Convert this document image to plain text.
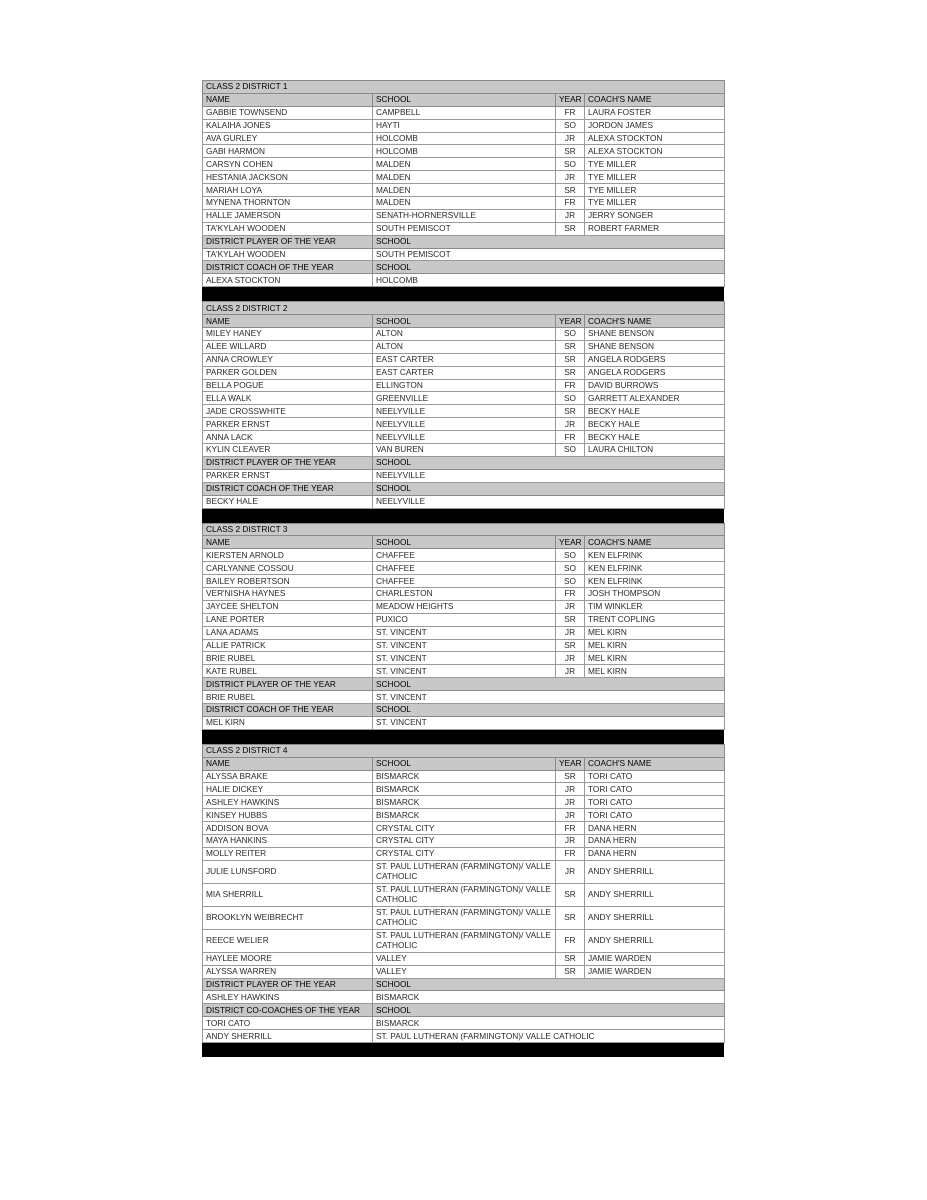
CLASS 2 DISTRICT 1			
NAME	SCHOOL	YEAR	COACH'S NAME
GABBIE TOWNSEND	CAMPBELL	FR	LAURA FOSTER
KALAIHA JONES	HAYTI	SO	JORDON JAMES
AVA GURLEY	HOLCOMB	JR	ALEXA STOCKTON
GABI HARMON	HOLCOMB	SR	ALEXA STOCKTON
CARSYN COHEN	MALDEN	SO	TYE MILLER
HESTANIA JACKSON	MALDEN	JR	TYE MILLER
MARIAH LOYA	MALDEN	SR	TYE MILLER
MYNENA THORNTON	MALDEN	FR	TYE MILLER
HALLE JAMERSON	SENATH-HORNERSVILLE	JR	JERRY SONGER
TA'KYLAH WOODEN	SOUTH PEMISCOT	SR	ROBERT FARMER
DISTRICT PLAYER OF THE YEAR	SCHOOL		
TA'KYLAH WOODEN	SOUTH PEMISCOT		
DISTRICT COACH OF THE YEAR	SCHOOL		
ALEXA STOCKTON	HOLCOMB		
CLASS 2 DISTRICT 2			
NAME	SCHOOL	YEAR	COACH'S NAME
MILEY HANEY	ALTON	SO	SHANE BENSON
ALEE WILLARD	ALTON	SR	SHANE BENSON
ANNA CROWLEY	EAST CARTER	SR	ANGELA RODGERS
PARKER GOLDEN	EAST CARTER	SR	ANGELA RODGERS
BELLA POGUE	ELLINGTON	FR	DAVID BURROWS
ELLA WALK	GREENVILLE	SO	GARRETT ALEXANDER
JADE CROSSWHITE	NEELYVILLE	SR	BECKY HALE
PARKER ERNST	NEELYVILLE	JR	BECKY HALE
ANNA LACK	NEELYVILLE	FR	BECKY HALE
KYLIN CLEAVER	VAN BUREN	SO	LAURA CHILTON
DISTRICT PLAYER OF THE YEAR	SCHOOL		
PARKER ERNST	NEELYVILLE		
DISTRICT COACH OF THE YEAR	SCHOOL		
BECKY HALE	NEELYVILLE		
CLASS 2 DISTRICT 3			
NAME	SCHOOL	YEAR	COACH'S NAME
KIERSTEN ARNOLD	CHAFFEE	SO	KEN ELFRINK
CARLYANNE COSSOU	CHAFFEE	SO	KEN ELFRINK
BAILEY ROBERTSON	CHAFFEE	SO	KEN ELFRINK
VER'NISHA HAYNES	CHARLESTON	FR	JOSH THOMPSON
JAYCEE SHELTON	MEADOW HEIGHTS	JR	TIM WINKLER
LANE PORTER	PUXICO	SR	TRENT COPLING
LANA ADAMS	ST. VINCENT	JR	MEL KIRN
ALLIE PATRICK	ST. VINCENT	SR	MEL KIRN
BRIE RUBEL	ST. VINCENT	JR	MEL KIRN
KATE RUBEL	ST. VINCENT	JR	MEL KIRN
DISTRICT PLAYER OF THE YEAR	SCHOOL		
BRIE RUBEL	ST. VINCENT		
DISTRICT COACH OF THE YEAR	SCHOOL		
MEL KIRN	ST. VINCENT		
CLASS 2 DISTRICT 4			
NAME	SCHOOL	YEAR	COACH'S NAME
ALYSSA BRAKE	BISMARCK	SR	TORI CATO
HALIE DICKEY	BISMARCK	JR	TORI CATO
ASHLEY HAWKINS	BISMARCK	JR	TORI CATO
KINSEY HUBBS	BISMARCK	JR	TORI CATO
ADDISON BOVA	CRYSTAL CITY	FR	DANA HERN
MAYA HANKINS	CRYSTAL CITY	JR	DANA HERN
MOLLY REITER	CRYSTAL CITY	FR	DANA HERN
JULIE LUNSFORD	ST. PAUL LUTHERAN (FARMINGTON)/ VALLE CATHOLIC	JR	ANDY SHERRILL
MIA SHERRILL	ST. PAUL LUTHERAN (FARMINGTON)/ VALLE CATHOLIC	SR	ANDY SHERRILL
BROOKLYN WEIBRECHT	ST. PAUL LUTHERAN (FARMINGTON)/ VALLE CATHOLIC	SR	ANDY SHERRILL
REECE WELIER	ST. PAUL LUTHERAN (FARMINGTON)/ VALLE CATHOLIC	FR	ANDY SHERRILL
HAYLEE MOORE	VALLEY	SR	JAMIE WARDEN
ALYSSA WARREN	VALLEY	SR	JAMIE WARDEN
DISTRICT PLAYER OF THE YEAR	SCHOOL		
ASHLEY HAWKINS	BISMARCK		
DISTRICT CO-COACHES OF THE YEAR	SCHOOL		
TORI CATO	BISMARCK		
ANDY SHERRILL	ST. PAUL LUTHERAN (FARMINGTON)/ VALLE CATHOLIC		
